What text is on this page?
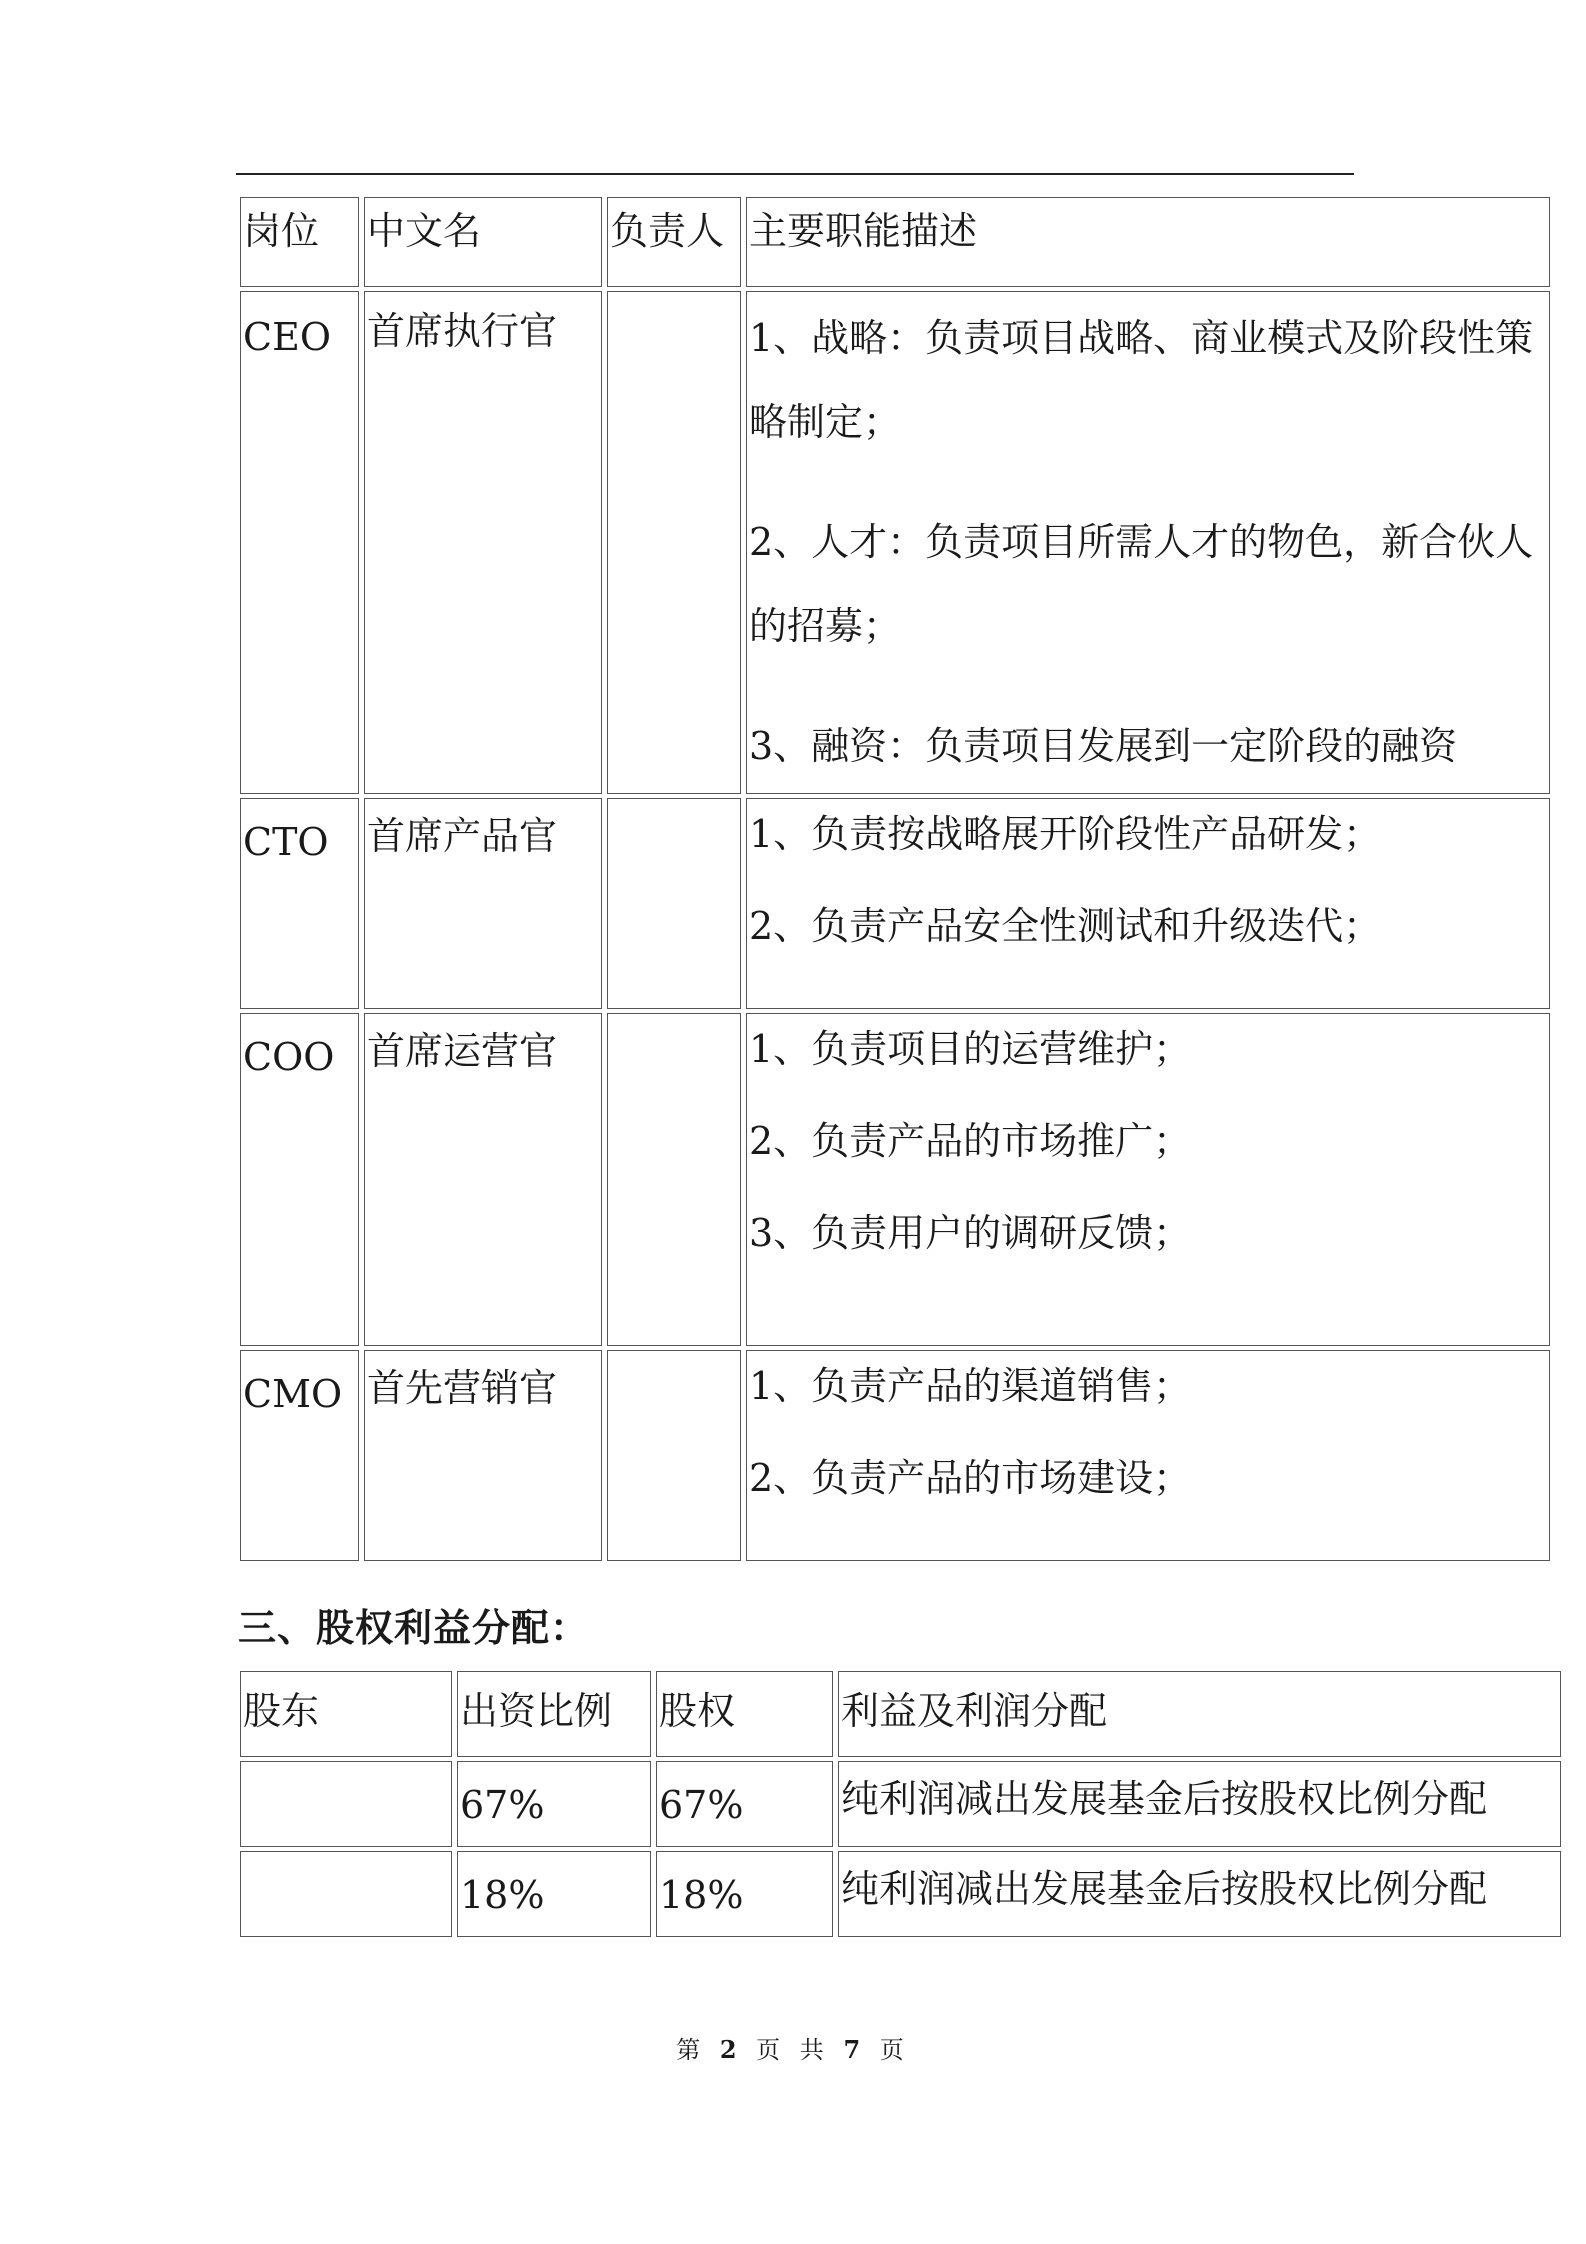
岗位	中文名	负责人	主要职能描述

CEO	首席执行官		1、战略：负责项目战略、商业模式及阶段性策略制定；
2、人才：负责项目所需人才的物色，新合伙人的招募；
3、融资：负责项目发展到一定阶段的融资

CTO	首席产品官		1、负责按战略展开阶段性产品研发；
2、负责产品安全性测试和升级迭代；

COO	首席运营官		1、负责项目的运营维护；
2、负责产品的市场推广；
3、负责用户的调研反馈；

CMO	首先营销官		1、负责产品的渠道销售；
2、负责产品的市场建设；
三、股权利益分配：
股东	出资比例	股权	利益及利润分配

	67%	67%	纯利润减出发展基金后按股权比例分配

	18%	18%	纯利润减出发展基金后按股权比例分配
第 2 页 共 7 页
